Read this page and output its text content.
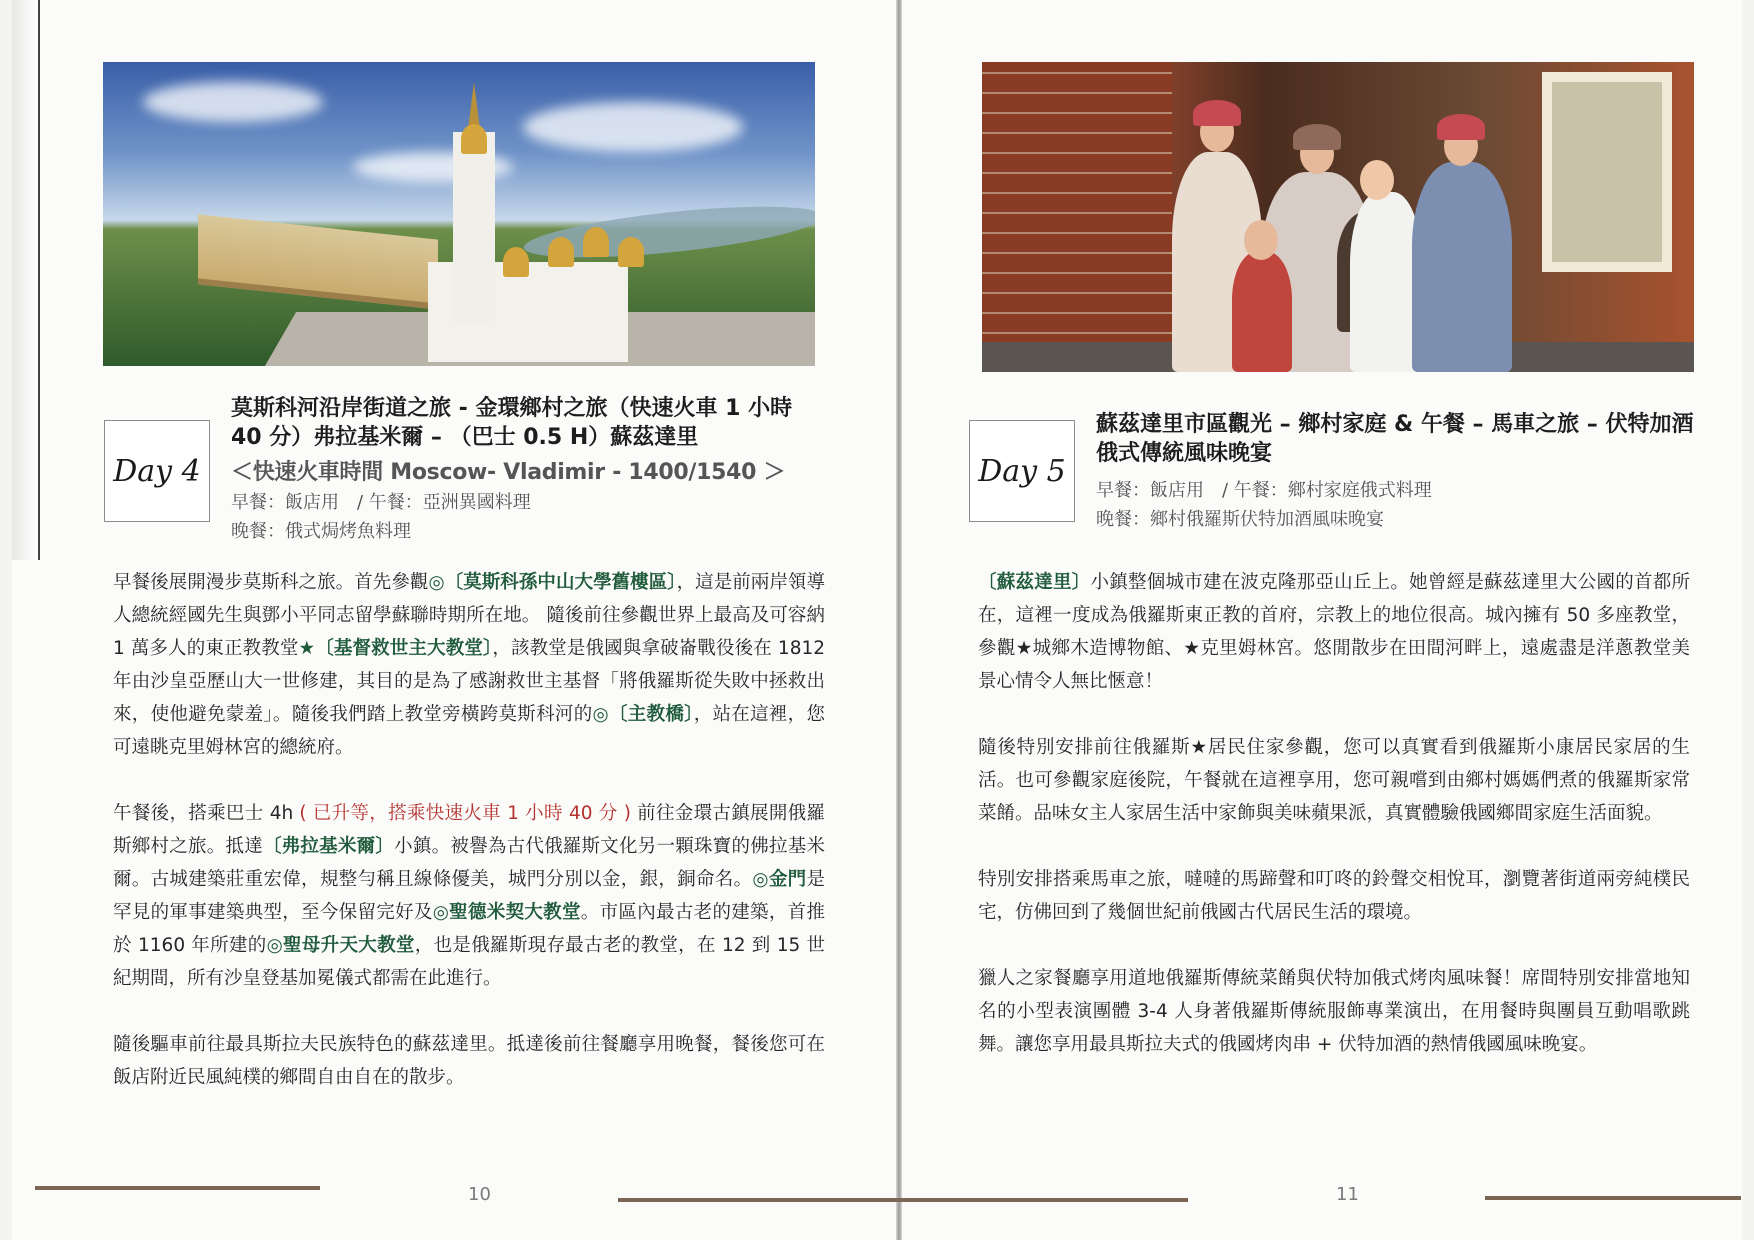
Day 4
莫斯科河沿岸街道之旅 - 金環鄉村之旅（快速火車 1 小時 40 分）弗拉基米爾 – （巴士 0.5 H）蘇茲達里
＜快速火車時間 Moscow- Vladimir - 1400/1540 ＞
早餐：飯店用　/ 午餐：亞洲異國料理
晚餐：俄式焗烤魚料理
Day 5
蘇茲達里市區觀光 – 鄉村家庭 & 午餐 – 馬車之旅 – 伏特加酒俄式傳統風味晚宴
早餐：飯店用　/ 午餐：鄉村家庭俄式料理
晚餐：鄉村俄羅斯伏特加酒風味晚宴

早餐後展開漫步莫斯科之旅。首先參觀◎〔莫斯科孫中山大學舊樓區〕，這是前兩岸領導人總統經國先生與鄧小平同志留學蘇聯時期所在地。 隨後前往參觀世界上最高及可容納 1 萬多人的東正教教堂★〔基督救世主大教堂〕，該教堂是俄國與拿破崙戰役後在 1812 年由沙皇亞歷山大一世修建，其目的是為了感謝救世主基督「將俄羅斯從失敗中拯救出來，使他避免蒙羞」。隨後我們踏上教堂旁橫跨莫斯科河的◎〔主教橋〕，站在這裡，您可遠眺克里姆林宮的總統府。

午餐後，搭乘巴士 4h ( 已升等，搭乘快速火車 1 小時 40 分 ) 前往金環古鎮展開俄羅斯鄉村之旅。抵達〔弗拉基米爾〕小鎮。被譽為古代俄羅斯文化另一顆珠寶的佛拉基米爾。古城建築莊重宏偉，規整勻稱且線條優美，城門分別以金，銀，銅命名。◎金門是罕見的軍事建築典型，至今保留完好及◎聖德米契大教堂。市區內最古老的建築，首推於 1160 年所建的◎聖母升天大教堂，也是俄羅斯現存最古老的教堂，在 12 到 15 世紀期間，所有沙皇登基加冕儀式都需在此進行。

隨後驅車前往最具斯拉夫民族特色的蘇茲達里。抵達後前往餐廳享用晚餐，餐後您可在飯店附近民風純樸的鄉間自由自在的散步。

〔蘇茲達里〕小鎮整個城市建在波克隆那亞山丘上。她曾經是蘇茲達里大公國的首都所在，這裡一度成為俄羅斯東正教的首府，宗教上的地位很高。城內擁有 50 多座教堂，參觀★城鄉木造博物館、★克里姆林宮。悠閒散步在田間河畔上，遠處盡是洋蔥教堂美景心情令人無比愜意！

隨後特別安排前往俄羅斯★居民住家參觀，您可以真實看到俄羅斯小康居民家居的生活。也可參觀家庭後院，午餐就在這裡享用，您可親嚐到由鄉村媽媽們煮的俄羅斯家常菜餚。品味女主人家居生活中家飾與美味蘋果派，真實體驗俄國鄉間家庭生活面貌。

特別安排搭乘馬車之旅，噠噠的馬蹄聲和叮咚的鈴聲交相悅耳，瀏覽著街道兩旁純樸民宅，仿佛回到了幾個世紀前俄國古代居民生活的環境。

獵人之家餐廳享用道地俄羅斯傳統菜餚與伏特加俄式烤肉風味餐！席間特別安排當地知名的小型表演團體 3-4 人身著俄羅斯傳統服飾專業演出，在用餐時與團員互動唱歌跳舞。讓您享用最具斯拉夫式的俄國烤肉串 + 伏特加酒的熱情俄國風味晚宴。

10	11
